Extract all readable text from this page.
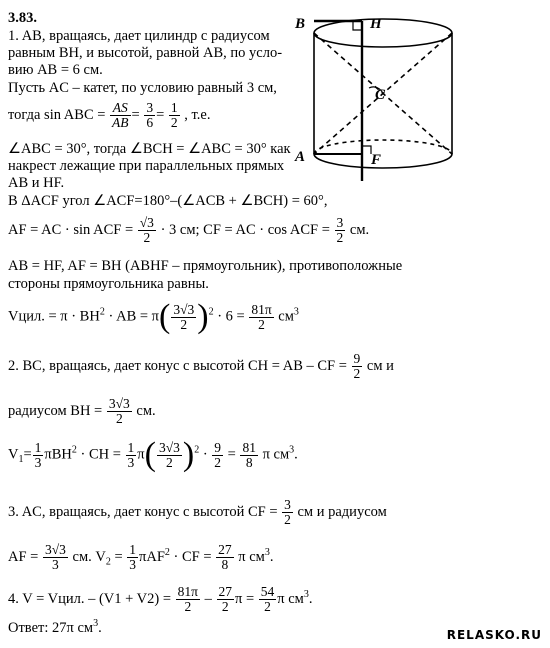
B	H
C
A	F
3.83.
1. AB, вращаясь, дает цилиндр с радиусом
равным BH, и высотой, равной AB, по усло-
вию AB = 6 см.
Пусть AC – катет, по условию равный 3 см,
тогда sin ABC = $\frac{AS}{AB} = \frac{3}{6} = \frac{1}{2}$ , т.е.
∠ABC = 30°, тогда ∠BCH = ∠ABC = 30° как
накрест лежащие при параллельных прямых
AB и HF.
В ΔACF угол ∠ACF=180°–(∠ACB + ∠BCH) = 60°,
AF = AC · sin ACF = $\frac{√3}{2} \cdot 3$ см; CF = AC · cos ACF = $\frac{3}{2}$ см.
AB = HF, AF = BH (ABHF – прямоугольник), противоположные
стороны прямоугольника равны.
Vцил. = $\pi \cdot BH^2$ · AB = $\pi( \frac{3√3}{2} )^2 \cdot 6 = \frac{81\pi}{2} см^3$
2. BC, вращаясь, дает конус с высотой CH = AB – CF = $\frac{9}{2}$ см и
радиусом BH = $\frac{3√3}{2}$ см.
$V_1= \frac{1}{3} \pi BH^2$ · CH = $\frac{1}{3} \pi( \frac{3√3}{2} )^2 \cdot \frac{9}{2} = \frac{81}{8}$ π $см^3$.
3. AC, вращаясь, дает конус с высотой CF = $\frac{3}{2}$ см и радиусом
AF = $\frac{3√3}{3}$ см. $V_2 = \frac{1}{3} \pi AF^2$ · CF = $\frac{27}{8}$ π $см^3$.
4. V = Vцил. – $(V1 + V2) = \frac{81\pi}{2} - \frac{27}{2}$ $\pi = \frac{54}{2}$ π $см^3$.
Ответ: 27π $см^3$.	RELASKO.RU
